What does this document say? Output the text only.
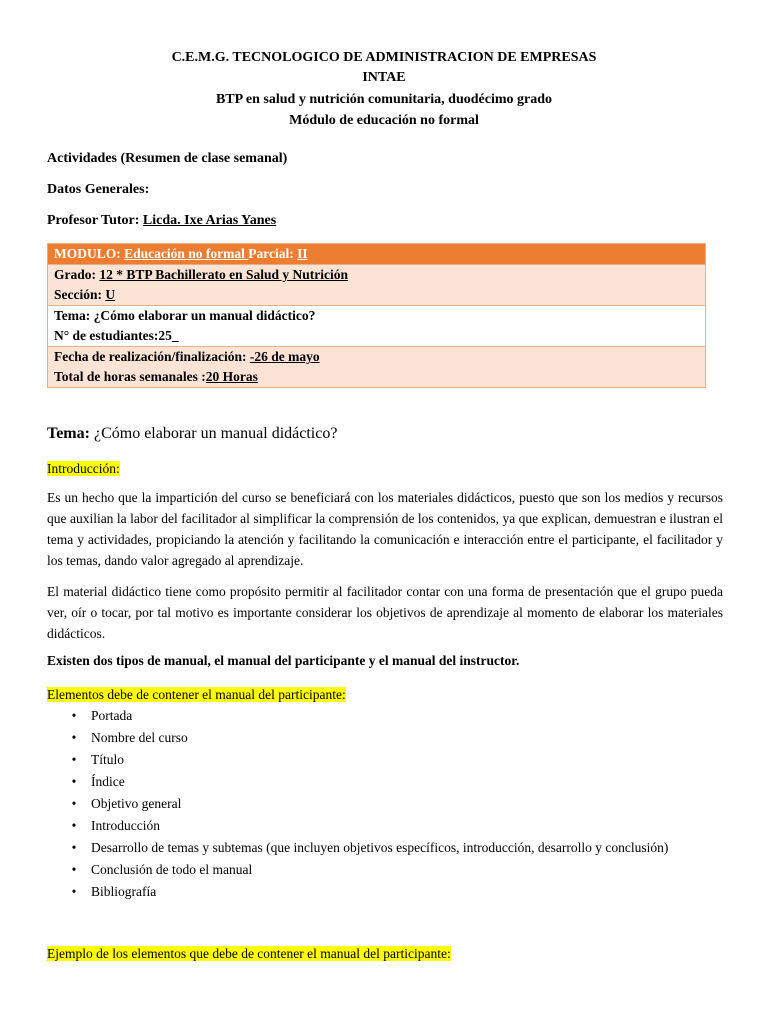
C.E.M.G. TECNOLOGICO DE ADMINISTRACION DE EMPRESAS
INTAE
BTP en salud y nutrición comunitaria, duodécimo grado
Módulo de educación no formal
Actividades (Resumen de clase semanal)
Datos Generales:
Profesor Tutor: Licda. Ixe Arias Yanes
MODULO: Educación no formal Parcial: II
Grado: 12 * BTP Bachillerato en Salud y Nutrición
Sección: U
Tema: ¿Cómo elaborar un manual didáctico?
N° de estudiantes:25_
Fecha de realización/finalización: -26 de mayo
Total de horas semanales :20 Horas
Tema: ¿Cómo elaborar un manual didáctico?
Introducción:
Es un hecho que la impartición del curso se beneficiará con los materiales didácticos, puesto que son los medios y recursos que auxilian la labor del facilitador al simplificar la comprensión de los contenidos, ya que explican, demuestran e ilustran el tema y actividades, propiciando la atención y facilitando la comunicación e interacción entre el participante, el facilitador y los temas, dando valor agregado al aprendizaje.
El material didáctico tiene como propósito permitir al facilitador contar con una forma de presentación que el grupo pueda ver, oír o tocar, por tal motivo es importante considerar los objetivos de aprendizaje al momento de elaborar los materiales didácticos.
Existen dos tipos de manual, el manual del participante y el manual del instructor.
Elementos debe de contener el manual del participante:
• Portada
• Nombre del curso
• Título
• Índice
• Objetivo general
• Introducción
• Desarrollo de temas y subtemas (que incluyen objetivos específicos, introducción, desarrollo y conclusión)
• Conclusión de todo el manual
• Bibliografía
Ejemplo de los elementos que debe de contener el manual del participante:
